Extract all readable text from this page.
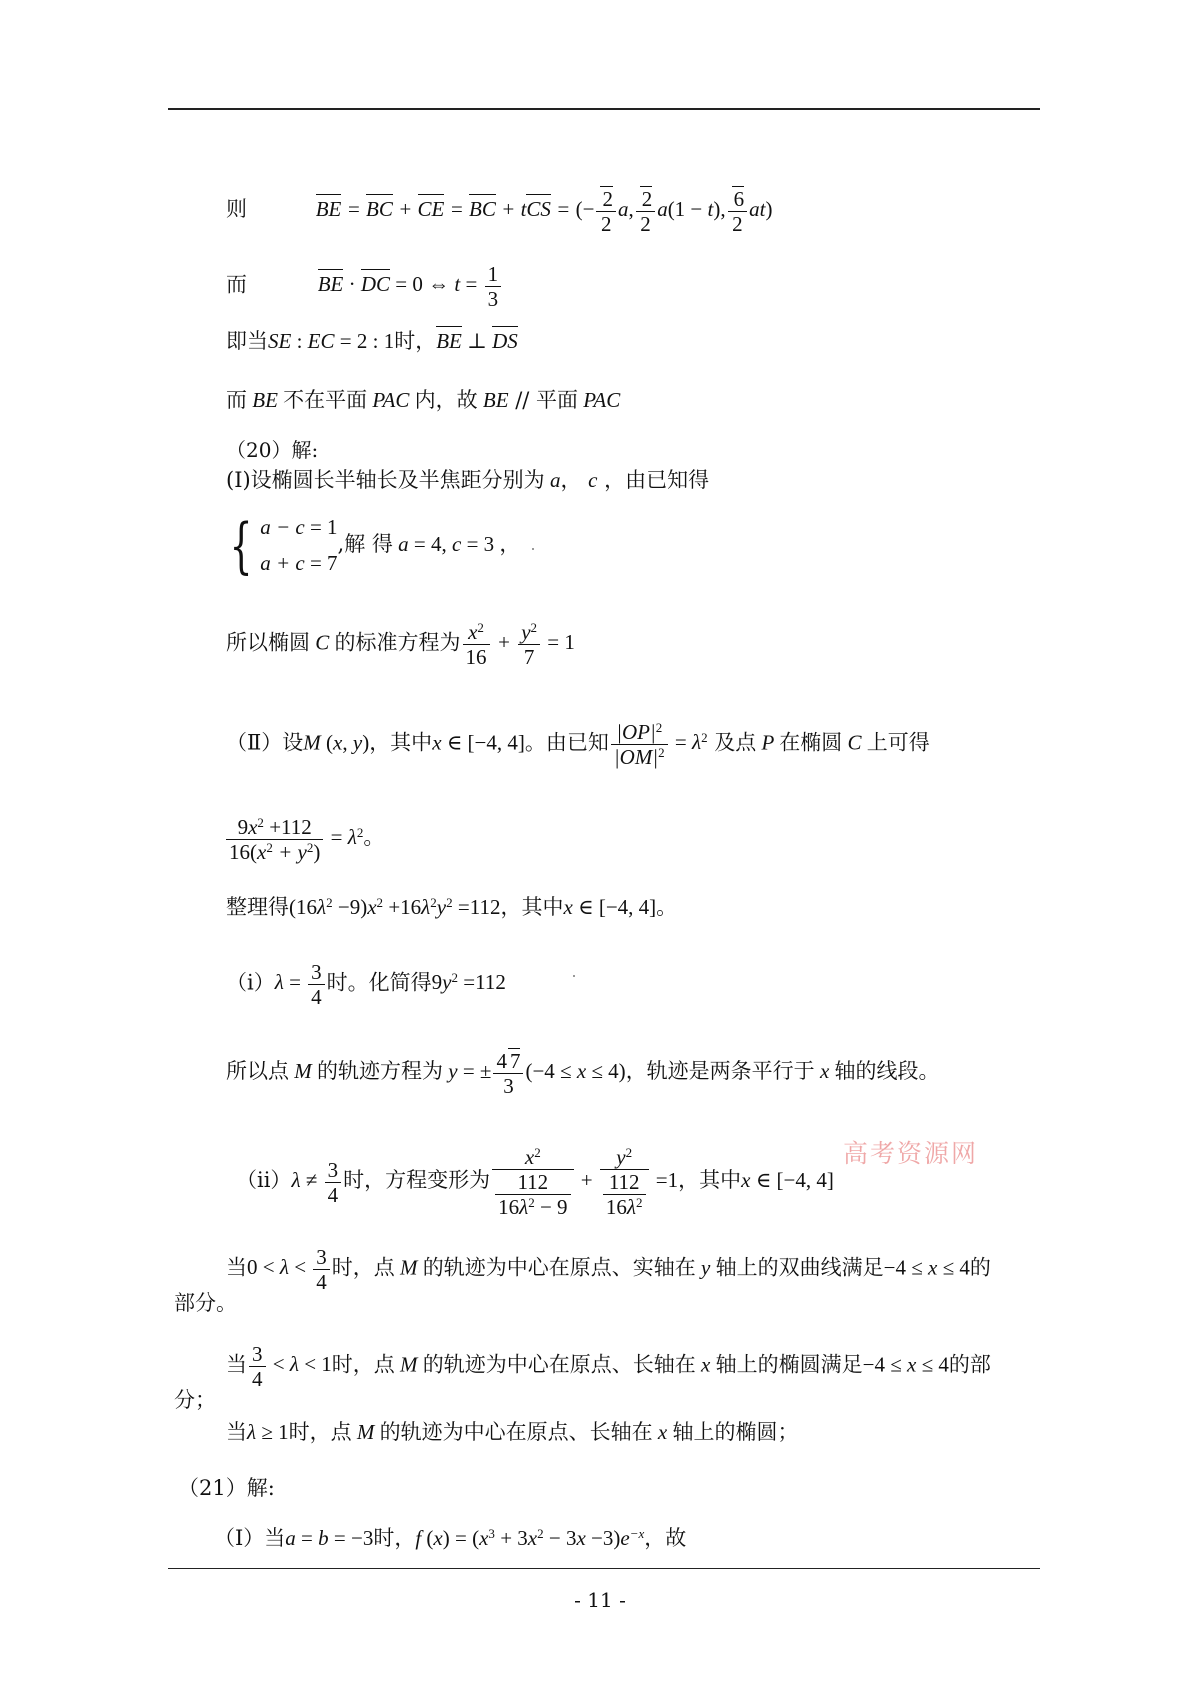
则	BE = BC + CE = BC + tCS = (− $\frac{2}{2} a$, $\frac{2}{2} a(1 - t)$, $\frac{6}{2} at$)
而	BE · DC = 0 ⇔ $t = \frac{1}{3}$
即当SE : EC = 2 : 1时，BE ⊥ DS
而 BE 不在平面 PAC 内，故 BE // 平面 PAC
（20）解:
(Ⅰ)设椭圆长半轴长及半焦距分别为 a， c ，由已知得
{ a − c = 1
a + c = 7
,解 得 a = 4, c = 3 ，
所以椭圆 C 的标准方程为 $\frac{x^2}{16} + \frac{y^2}{7} = 1$
（Ⅱ）设M (x, y)，其中x ∈ [−4, 4]。由已知 $\frac{|OP|^2}{|OM|^2} = \lambda^2$ 及点 P 在椭圆 C 上可得
$\frac{9x^2 +112}{16(x^2 + y^2)} = \lambda^2$。
整理得$(16\lambda^2 -9)x^2 +16\lambda^2y^2 =112$，其中x ∈ [−4, 4]。
$(i)\lambda = \frac{3}{4}$ 时。化简得$9y^2 =112$
所以点 M 的轨迹方程为 y = ± $\frac{4 7}{3} (-4 \le x \le 4)$，轨迹是两条平行于 x 轴的线段。
$(ii)\lambda \ne \frac{3}{4}$ 时，方程变形为 $\frac{x^2}{\frac{112}{16\lambda^2 - 9}} + \frac{y^2}{\frac{112}{16\lambda^2}} =1$，其中x ∈ [−4, 4]
高考资源网
当$0 < \lambda < \frac{3}{4}$ 时，点 M 的轨迹为中心在原点、实轴在 y 轴上的双曲线满足−4 ≤ x ≤ 4的
部分。
当 $\frac{3}{4} < \lambda < 1$时，点 M 的轨迹为中心在原点、长轴在 x 轴上的椭圆满足−4 ≤ x ≤ 4的部
分；
当λ ≥ 1时，点 M 的轨迹为中心在原点、长轴在 x 轴上的椭圆；
（21）解:
（Ⅰ）当a = b = −3时，f $(x) = (x^3 + 3x^2 - 3x -3)e^{-x}$，故
- 11 -
